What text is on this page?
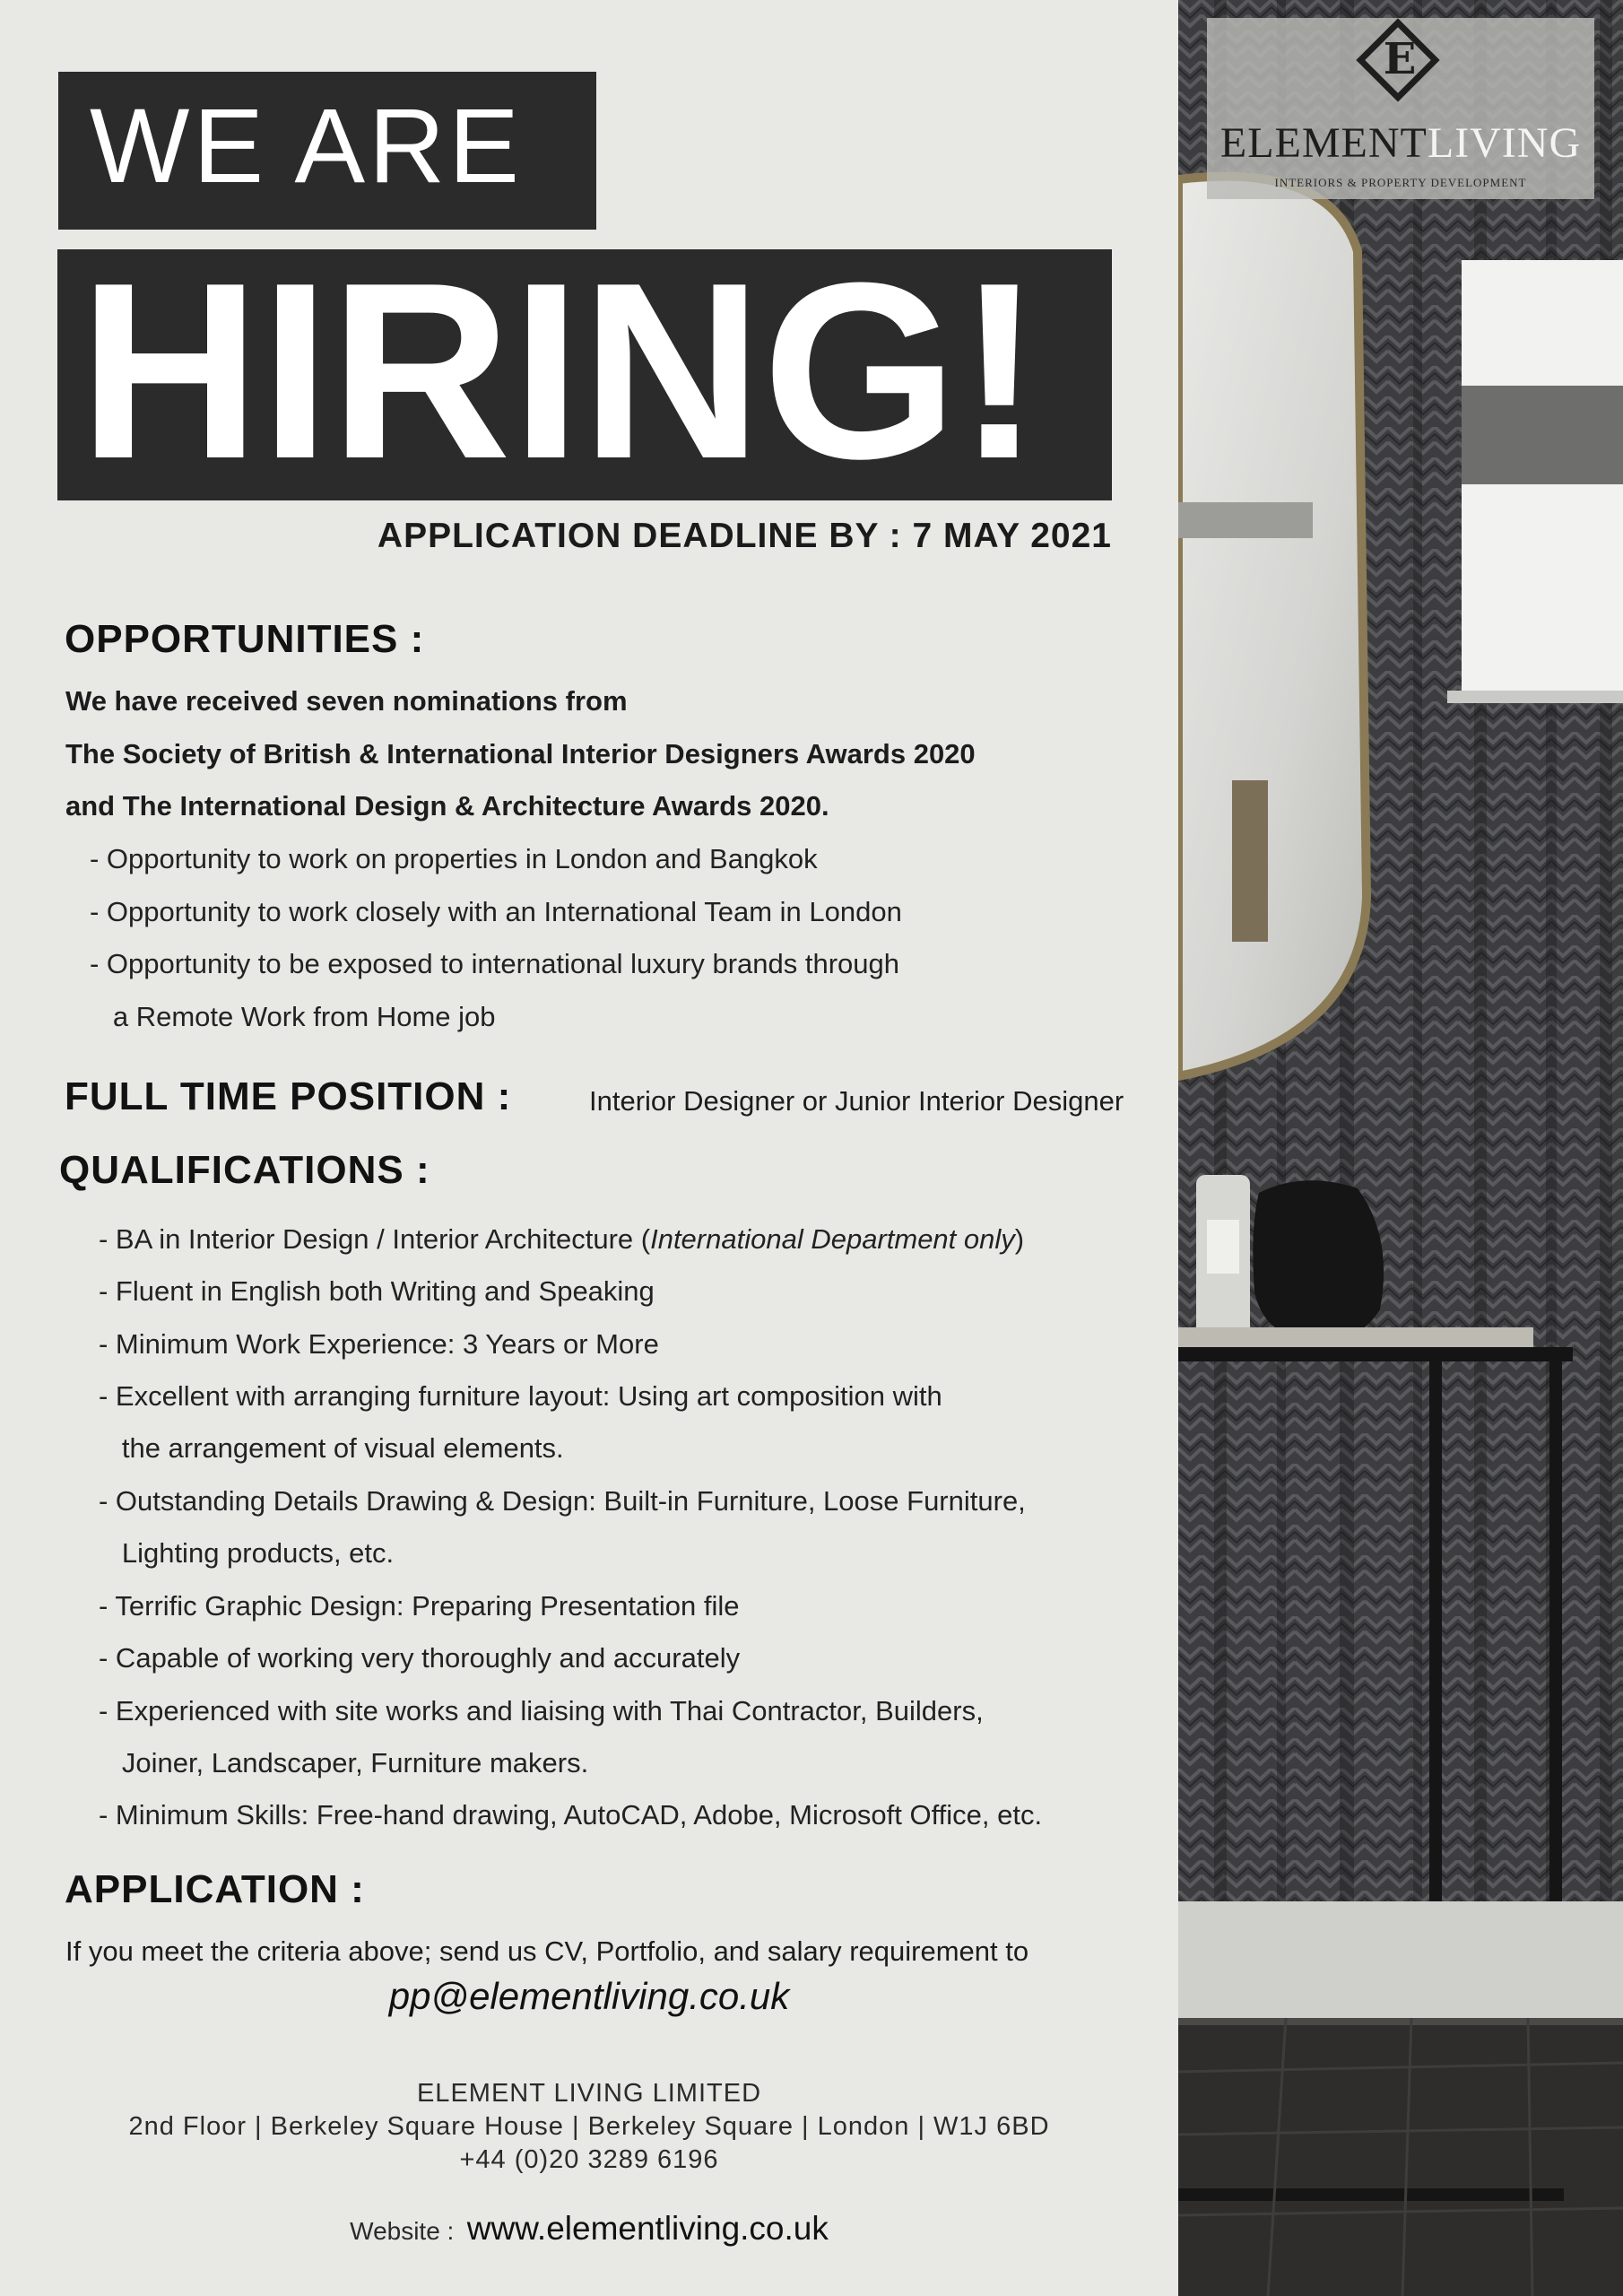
WE ARE
HIRING!
APPLICATION DEADLINE BY : 7 MAY 2021
OPPORTUNITIES :
We have received seven nominations from
The Society of British & International Interior Designers Awards 2020
and The International Design & Architecture Awards 2020.
- Opportunity to work on properties in London and Bangkok
- Opportunity to work closely with an International Team in London
- Opportunity to be exposed to international luxury brands through
a Remote Work from Home job
FULL TIME POSITION :	Interior Designer or Junior Interior Designer
QUALIFICATIONS :
- BA in Interior Design / Interior Architecture (International Department only)
- Fluent in English both Writing and Speaking
- Minimum Work Experience: 3 Years or More
- Excellent with arranging furniture layout: Using art composition with
the arrangement of visual elements.
- Outstanding Details Drawing & Design: Built-in Furniture, Loose Furniture,
Lighting products, etc.
- Terrific Graphic Design: Preparing Presentation file
- Capable of working very thoroughly and accurately
- Experienced with site works and liaising with Thai Contractor, Builders,
Joiner, Landscaper, Furniture makers.
- Minimum Skills: Free-hand drawing, AutoCAD, Adobe, Microsoft Office, etc.
APPLICATION :
If you meet the criteria above; send us CV, Portfolio, and salary requirement to
pp@elementliving.co.uk
ELEMENT LIVING LIMITED
2nd Floor | Berkeley Square House | Berkeley Square | London | W1J 6BD
+44 (0)20 3289 6196
Website : www.elementliving.co.uk
E
ELEMENTLIVING
INTERIORS & PROPERTY DEVELOPMENT
